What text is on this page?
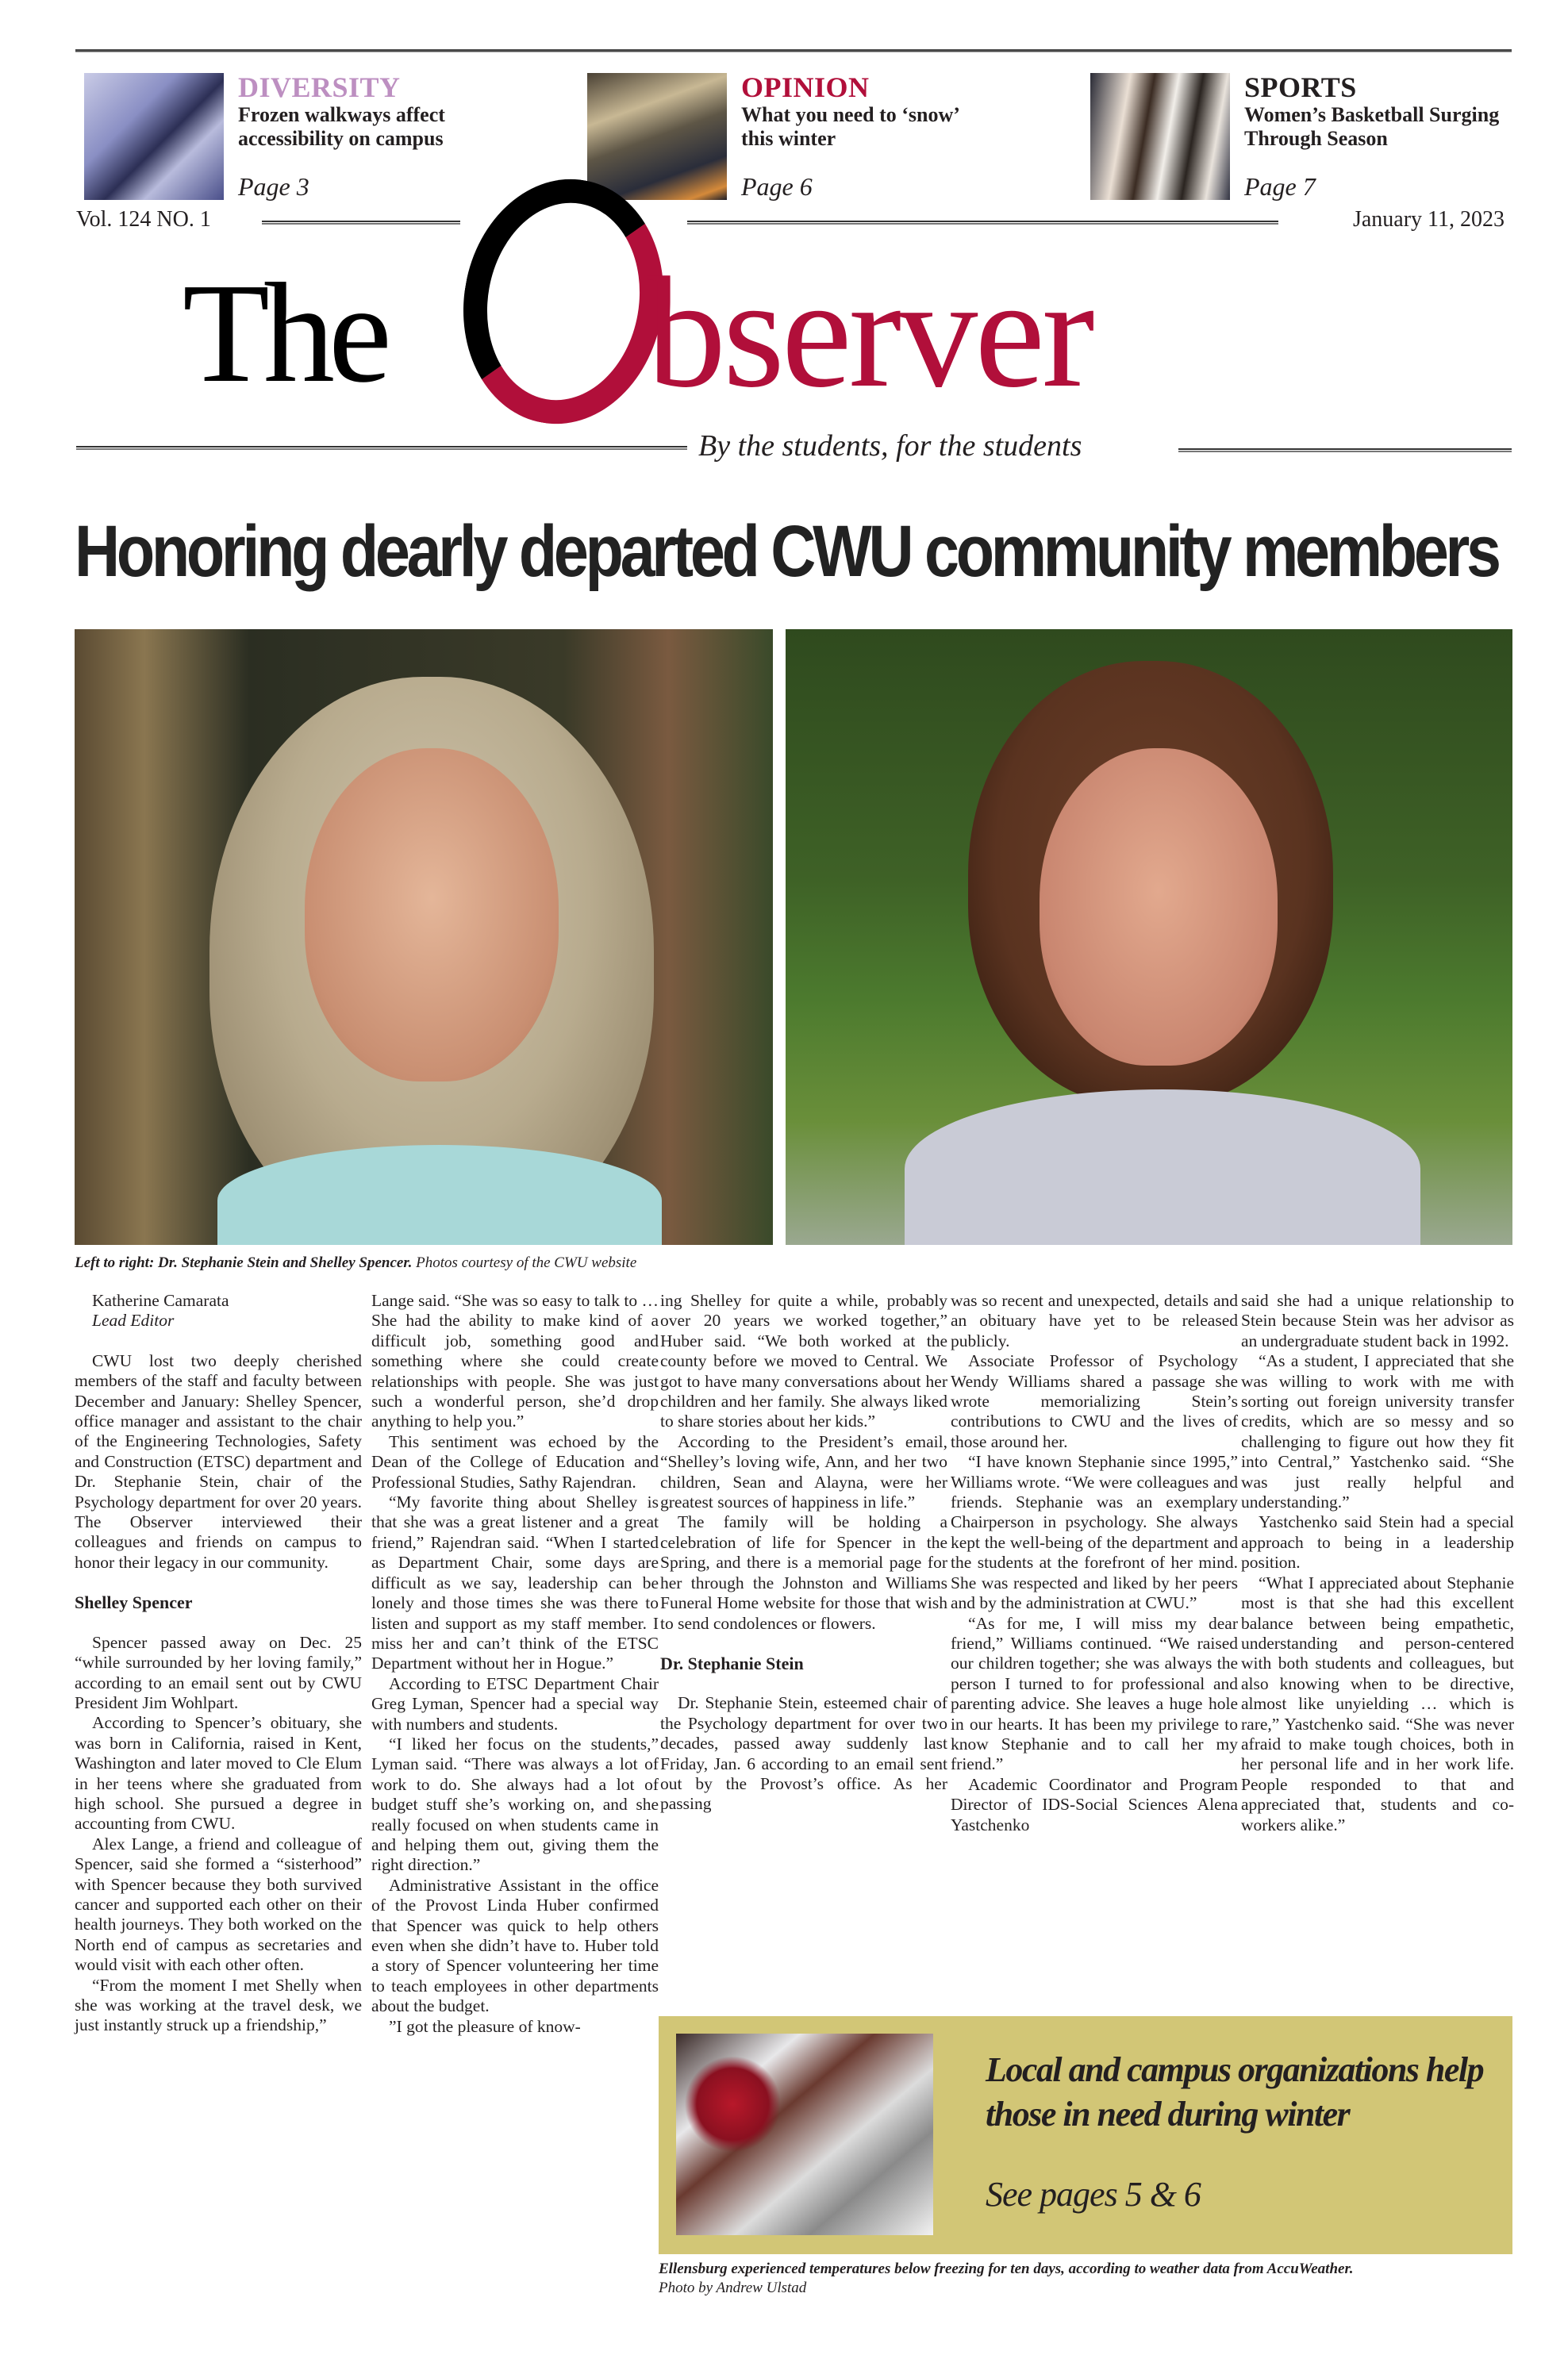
DIVERSITY
Frozen walkways affect accessibility on campus
Page 3
OPINION
What you need to ‘snow’ this winter
Page 6
SPORTS
Women’s Basketball Surging Through Season
Page 7
Vol. 124 NO. 1	January 11, 2023
The bserver
By the students, for the students
Honoring dearly departed CWU community members
Left to right: Dr. Stephanie Stein and Shelley Spencer. Photos courtesy of the CWU website

Katherine Camarata

Lead Editor

CWU lost two deeply cherished members of the staff and faculty between December and January: Shelley Spencer, office manager and assistant to the chair of the Engineering Technologies, Safety and Construction (ETSC) department and Dr. Stephanie Stein, chair of the Psychology department for over 20 years. The Observer interviewed their colleagues and friends on campus to honor their legacy in our community.

Shelley Spencer

Spencer passed away on Dec. 25 “while surrounded by her loving family,” according to an email sent out by CWU President Jim Wohlpart.

According to Spencer’s obituary, she was born in California, raised in Kent, Washington and later moved to Cle Elum in her teens where she graduated from high school. She pursued a degree in accounting from CWU.

Alex Lange, a friend and colleague of Spencer, said she formed a “sisterhood” with Spencer because they both survived cancer and supported each other on their health journeys. They both worked on the North end of campus as secretaries and would visit with each other often.

“From the moment I met Shelly when she was working at the travel desk, we just instantly struck up a friendship,”

Lange said. “She was so easy to talk to … She had the ability to make kind of a difficult job, something good and something where she could create relationships with people. She was just such a wonderful person, she’d drop anything to help you.”

This sentiment was echoed by the Dean of the College of Education and Professional Studies, Sathy Rajendran.

“My favorite thing about Shelley is that she was a great listener and a great friend,” Rajendran said. “When I started as Department Chair, some days are difficult as we say, leadership can be lonely and those times she was there to listen and support as my staff member. I miss her and can’t think of the ETSC Department without her in Hogue.”

According to ETSC Department Chair Greg Lyman, Spencer had a special way with numbers and students.

“I liked her focus on the students,” Lyman said. “There was always a lot of work to do. She always had a lot of budget stuff she’s working on, and she really focused on when students came in and helping them out, giving them the right direction.”

Administrative Assistant in the office of the Provost Linda Huber confirmed that Spencer was quick to help others even when she didn’t have to. Huber told a story of Spencer volunteering her time to teach employees in other departments about the budget.

”I got the pleasure of know-

ing Shelley for quite a while, probably over 20 years we worked together,” Huber said. “We both worked at the county before we moved to Central. We got to have many conversations about her children and her family. She always liked to share stories about her kids.”

According to the President’s email, “Shelley’s loving wife, Ann, and her two children, Sean and Alayna, were her greatest sources of happiness in life.”

The family will be holding a celebration of life for Spencer in the Spring, and there is a memorial page for her through the Johnston and Williams Funeral Home website for those that wish to send condolences or flowers.

Dr. Stephanie Stein

Dr. Stephanie Stein, esteemed chair of the Psychology department for over two decades, passed away suddenly last Friday, Jan. 6 according to an email sent out by the Provost’s office. As her passing

was so recent and unexpected, details and an obituary have yet to be released publicly.

Associate Professor of Psychology Wendy Williams shared a passage she wrote memorializing Stein’s contributions to CWU and the lives of those around her.

“I have known Stephanie since 1995,” Williams wrote. “We were colleagues and friends. Stephanie was an exemplary Chairperson in psychology. She always kept the well-being of the department and the students at the forefront of her mind. She was respected and liked by her peers and by the administration at CWU.”

“As for me, I will miss my dear friend,” Williams continued. “We raised our children together; she was always the person I turned to for professional and parenting advice. She leaves a huge hole in our hearts. It has been my privilege to know Stephanie and to call her my friend.”

Academic Coordinator and Program Director of IDS-Social Sciences Alena Yastchenko

said she had a unique relationship to Stein because Stein was her advisor as an undergraduate student back in 1992.

“As a student, I appreciated that she was willing to work with me with sorting out foreign university transfer credits, which are so messy and so challenging to figure out how they fit into Central,” Yastchenko said. “She was just really helpful and understanding.”

Yastchenko said Stein had a special approach to being in a leadership position.

“What I appreciated about Stephanie most is that she had this excellent balance between being empathetic, understanding and person-centered with both students and colleagues, but also knowing when to be directive, almost like unyielding … which is rare,” Yastchenko said. “She was never afraid to make tough choices, both in her personal life and in her work life. People responded to that and appreciated that, students and co-workers alike.”

Local and campus organizations help those in need during winter
See pages 5 & 6
Ellensburg experienced temperatures below freezing for ten days, according to weather data from AccuWeather.
Photo by Andrew Ulstad
